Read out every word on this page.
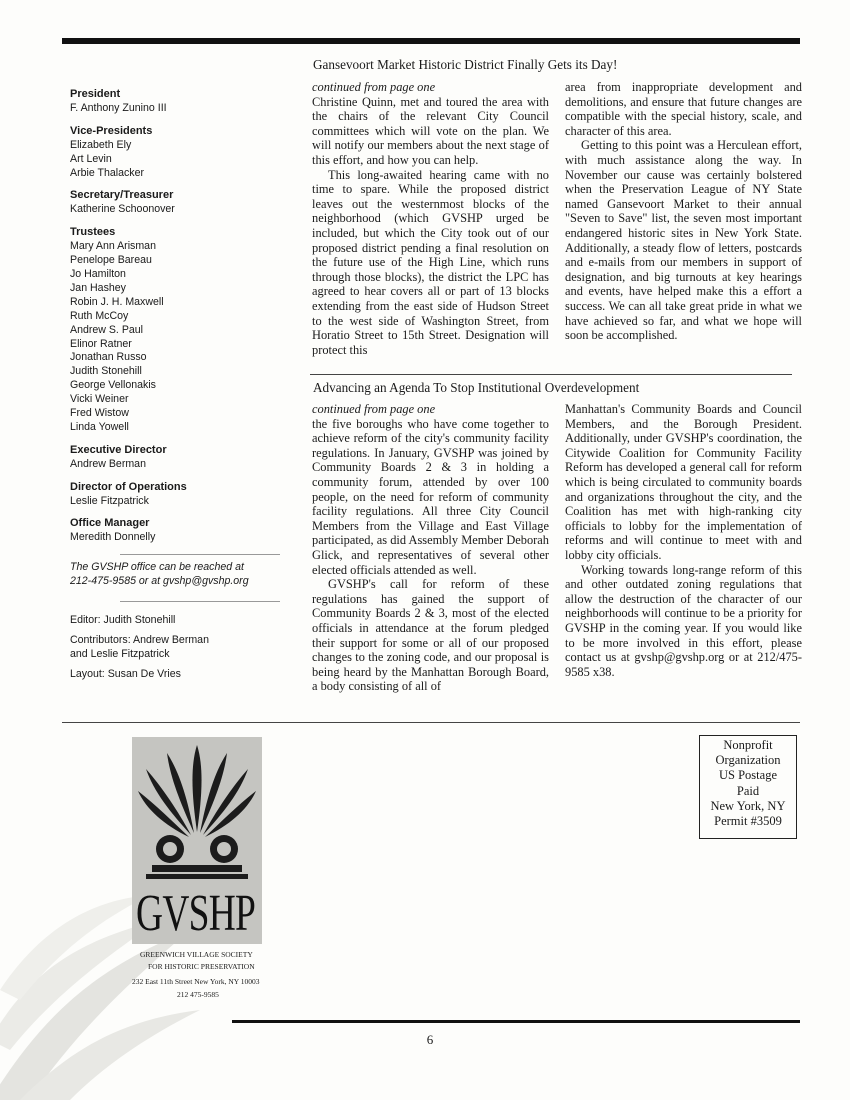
President
F. Anthony Zunino III
Vice-Presidents
Elizabeth Ely
Art Levin
Arbie Thalacker
Secretary/Treasurer
Katherine Schoonover
Trustees
Mary Ann Arisman
Penelope Bareau
Jo Hamilton
Jan Hashey
Robin J. H. Maxwell
Ruth McCoy
Andrew S. Paul
Elinor Ratner
Jonathan Russo
Judith Stonehill
George Vellonakis
Vicki Weiner
Fred Wistow
Linda Yowell
Executive Director
Andrew Berman
Director of Operations
Leslie Fitzpatrick
Office Manager
Meredith Donnelly
The GVSHP office can be reached at
212-475-9585 or at gvshp@gvshp.org
Editor: Judith Stonehill
Contributors: Andrew Berman
and Leslie Fitzpatrick
Layout: Susan De Vries
Gansevoort Market Historic District Finally Gets its Day!
continued from page one

Christine Quinn, met and toured the area with the chairs of the relevant City Council committees which will vote on the plan. We will notify our members about the next stage of this effort, and how you can help.

This long-awaited hearing came with no time to spare. While the proposed district leaves out the westernmost blocks of the neighborhood (which GVSHP urged be included, but which the City took out of our proposed district pending a final resolution on the future use of the High Line, which runs through those blocks), the district the LPC has agreed to hear covers all or part of 13 blocks extending from the east side of Hudson Street to the west side of Washington Street, from Horatio Street to 15th Street. Designation will protect this

area from inappropriate development and demolitions, and ensure that future changes are compatible with the special history, scale, and character of this area.

Getting to this point was a Herculean effort, with much assistance along the way. In November our cause was certainly bolstered when the Preservation League of NY State named Gansevoort Market to their annual "Seven to Save" list, the seven most important endangered historic sites in New York State. Additionally, a steady flow of letters, postcards and e-mails from our members in support of designation, and big turnouts at key hearings and events, have helped make this a effort a success. We can all take great pride in what we have achieved so far, and what we hope will soon be accomplished.

Advancing an Agenda To Stop Institutional Overdevelopment
continued from page one

the five boroughs who have come together to achieve reform of the city's community facility regulations. In January, GVSHP was joined by Community Boards 2 & 3 in holding a community forum, attended by over 100 people, on the need for reform of community facility regulations. All three City Council Members from the Village and East Village participated, as did Assembly Member Deborah Glick, and representatives of several other elected officials attended as well.

GVSHP's call for reform of these regulations has gained the support of Community Boards 2 & 3, most of the elected officials in attendance at the forum pledged their support for some or all of our proposed changes to the zoning code, and our proposal is being heard by the Manhattan Borough Board, a body consisting of all of

Manhattan's Community Boards and Council Members, and the Borough President. Additionally, under GVSHP's coordination, the Citywide Coalition for Community Facility Reform has developed a general call for reform which is being circulated to community boards and organizations throughout the city, and the Coalition has met with high-ranking city officials to lobby for the implementation of reforms and will continue to meet with and lobby city officials.

Working towards long-range reform of this and other outdated zoning regulations that allow the destruction of the character of our neighborhoods will continue to be a priority for GVSHP in the coming year. If you would like to be more involved in this effort, please contact us at gvshp@gvshp.org or at 212/475-9585 x38.

GVSHP
GREENWICH VILLAGE SOCIETY
FOR HISTORIC PRESERVATION
232 East 11th Street New York, NY 10003
212 475-9585
Nonprofit
Organization
US Postage
Paid
New York, NY
Permit #3509
6
